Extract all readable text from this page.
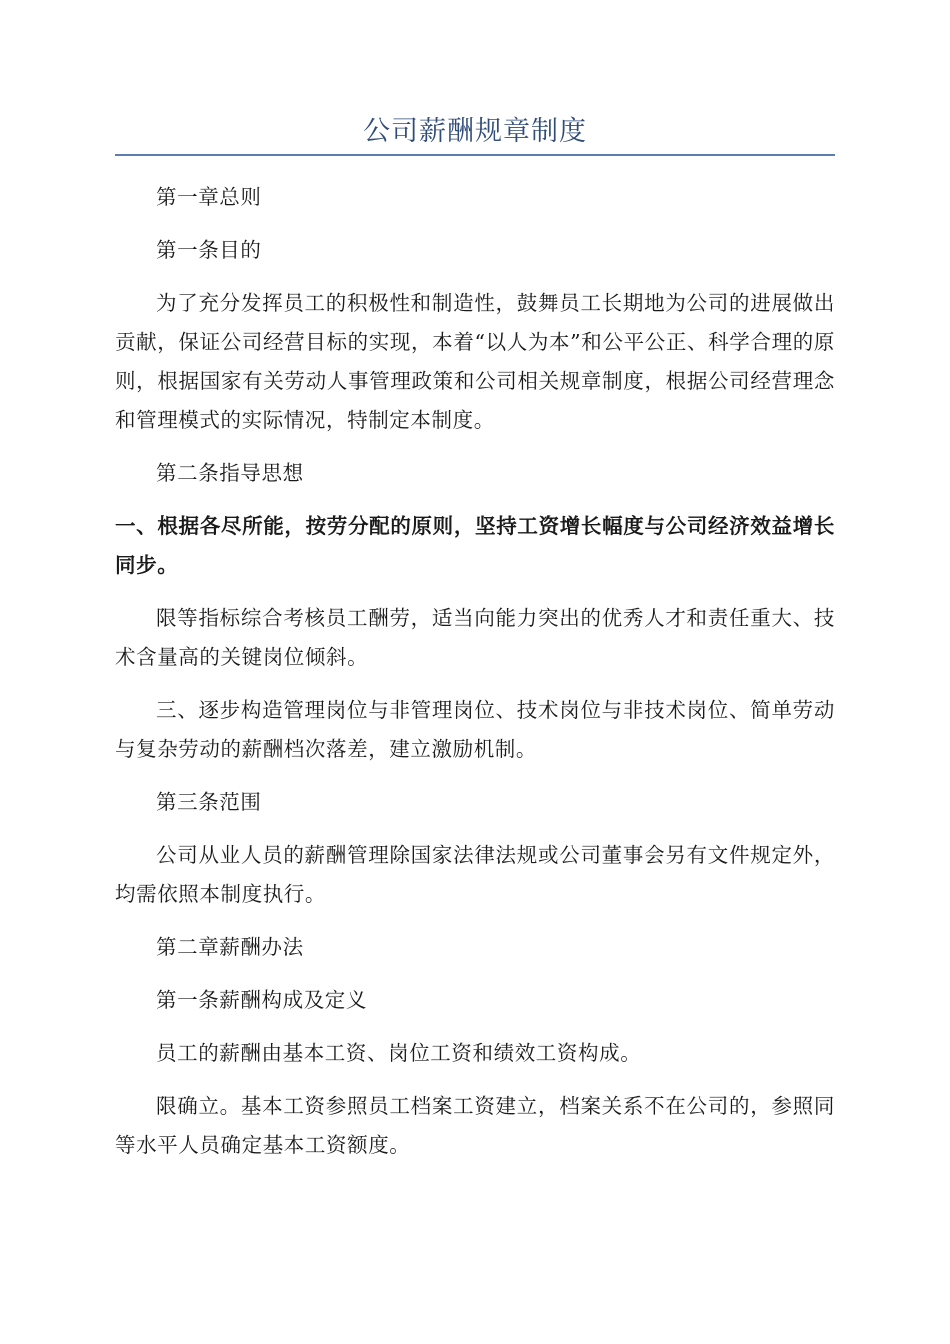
公司薪酬规章制度

第一章总则

第一条目的

为了充分发挥员工的积极性和制造性，鼓舞员工长期地为公司的进展做出贡献，保证公司经营目标的实现，本着“以人为本”和公平公正、科学合理的原则，根据国家有关劳动人事管理政策和公司相关规章制度，根据公司经营理念和管理模式的实际情况，特制定本制度。

第二条指导思想

一、根据各尽所能，按劳分配的原则，坚持工资增长幅度与公司经济效益增长同步。

限等指标综合考核员工酬劳，适当向能力突出的优秀人才和责任重大、技术含量高的关键岗位倾斜。

三、逐步构造管理岗位与非管理岗位、技术岗位与非技术岗位、简单劳动与复杂劳动的薪酬档次落差，建立激励机制。

第三条范围

公司从业人员的薪酬管理除国家法律法规或公司董事会另有文件规定外，均需依照本制度执行。

第二章薪酬办法

第一条薪酬构成及定义

员工的薪酬由基本工资、岗位工资和绩效工资构成。

限确立。基本工资参照员工档案工资建立，档案关系不在公司的，参照同等水平人员确定基本工资额度。
